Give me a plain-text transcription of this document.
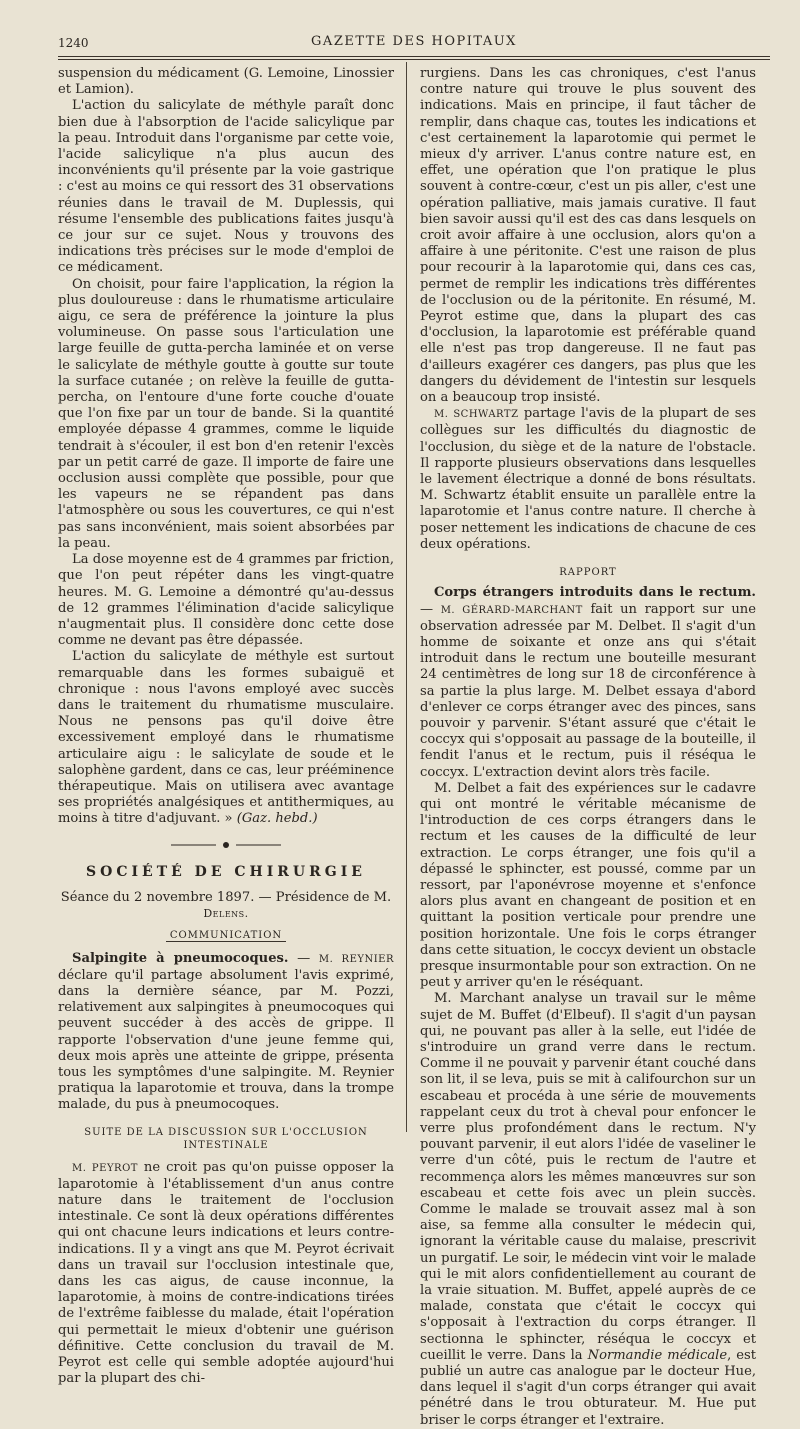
1240	GAZETTE DES HOPITAUX

suspension du médicament (G. Lemoine, Linossier et Lamion).

L'action du salicylate de méthyle paraît donc bien due à l'absorption de l'acide salicylique par la peau. Introduit dans l'organisme par cette voie, l'acide salicylique n'a plus aucun des inconvénients qu'il présente par la voie gastrique : c'est au moins ce qui ressort des 31 observations réunies dans le travail de M. Duplessis, qui résume l'ensemble des publications faites jusqu'à ce jour sur ce sujet. Nous y trouvons des indications très précises sur le mode d'emploi de ce médicament.

On choisit, pour faire l'application, la région la plus douloureuse : dans le rhumatisme articulaire aigu, ce sera de préférence la jointure la plus volumineuse. On passe sous l'articulation une large feuille de gutta-percha laminée et on verse le salicylate de méthyle goutte à goutte sur toute la surface cutanée ; on relève la feuille de gutta-percha, on l'entoure d'une forte couche d'ouate que l'on fixe par un tour de bande. Si la quantité employée dépasse 4 grammes, comme le liquide tendrait à s'écouler, il est bon d'en retenir l'excès par un petit carré de gaze. Il importe de faire une occlusion aussi complète que possible, pour que les vapeurs ne se répandent pas dans l'atmosphère ou sous les couvertures, ce qui n'est pas sans inconvénient, mais soient absorbées par la peau.

La dose moyenne est de 4 grammes par friction, que l'on peut répéter dans les vingt-quatre heures. M. G. Lemoine a démontré qu'au-dessus de 12 grammes l'élimination d'acide salicylique n'augmentait plus. Il considère donc cette dose comme ne devant pas être dépassée.

L'action du salicylate de méthyle est surtout remarquable dans les formes subaiguë et chronique : nous l'avons employé avec succès dans le traitement du rhumatisme musculaire. Nous ne pensons pas qu'il doive être excessivement employé dans le rhumatisme articulaire aigu : le salicylate de soude et le salophène gardent, dans ce cas, leur prééminence thérapeutique. Mais on utilisera avec avantage ses propriétés analgésiques et antithermiques, au moins à titre d'adjuvant. » (Gaz. hebd.)

SOCIÉTÉ DE CHIRURGIE
Séance du 2 novembre 1897. — Présidence de M. Delens.
COMMUNICATION

Salpingite à pneumocoques. — M. REYNIER déclare qu'il partage absolument l'avis exprimé, dans la dernière séance, par M. Pozzi, relativement aux salpingites à pneumocoques qui peuvent succéder à des accès de grippe. Il rapporte l'observation d'une jeune femme qui, deux mois après une atteinte de grippe, présenta tous les symptômes d'une salpingite. M. Reynier pratiqua la laparotomie et trouva, dans la trompe malade, du pus à pneumocoques.

SUITE DE LA DISCUSSION SUR L'OCCLUSION
INTESTINALE

M. PEYROT ne croit pas qu'on puisse opposer la laparotomie à l'établissement d'un anus contre nature dans le traitement de l'occlusion intestinale. Ce sont là deux opérations différentes qui ont chacune leurs indications et leurs contre-indications. Il y a vingt ans que M. Peyrot écrivait dans un travail sur l'occlusion intestinale que, dans les cas aigus, de cause inconnue, la laparotomie, à moins de contre-indications tirées de l'extrême faiblesse du malade, était l'opération qui permettait le mieux d'obtenir une guérison définitive. Cette conclusion du travail de M. Peyrot est celle qui semble adoptée aujourd'hui par la plupart des chi-

rurgiens. Dans les cas chroniques, c'est l'anus contre nature qui trouve le plus souvent des indications. Mais en principe, il faut tâcher de remplir, dans chaque cas, toutes les indications et c'est certainement la laparotomie qui permet le mieux d'y arriver. L'anus contre nature est, en effet, une opération que l'on pratique le plus souvent à contre-cœur, c'est un pis aller, c'est une opération palliative, mais jamais curative. Il faut bien savoir aussi qu'il est des cas dans lesquels on croit avoir affaire à une occlusion, alors qu'on a affaire à une péritonite. C'est une raison de plus pour recourir à la laparotomie qui, dans ces cas, permet de remplir les indications très différentes de l'occlusion ou de la péritonite. En résumé, M. Peyrot estime que, dans la plupart des cas d'occlusion, la laparotomie est préférable quand elle n'est pas trop dangereuse. Il ne faut pas d'ailleurs exagérer ces dangers, pas plus que les dangers du dévidement de l'intestin sur lesquels on a beaucoup trop insisté.

M. SCHWARTZ partage l'avis de la plupart de ses collègues sur les difficultés du diagnostic de l'occlusion, du siège et de la nature de l'obstacle. Il rapporte plusieurs observations dans lesquelles le lavement électrique a donné de bons résultats. M. Schwartz établit ensuite un parallèle entre la laparotomie et l'anus contre nature. Il cherche à poser nettement les indications de chacune de ces deux opérations.

RAPPORT

Corps étrangers introduits dans le rectum. — M. GÉRARD-MARCHANT fait un rapport sur une observation adressée par M. Delbet. Il s'agit d'un homme de soixante et onze ans qui s'était introduit dans le rectum une bouteille mesurant 24 centimètres de long sur 18 de circonférence à sa partie la plus large. M. Delbet essaya d'abord d'enlever ce corps étranger avec des pinces, sans pouvoir y parvenir. S'étant assuré que c'était le coccyx qui s'opposait au passage de la bouteille, il fendit l'anus et le rectum, puis il réséqua le coccyx. L'extraction devint alors très facile.

M. Delbet a fait des expériences sur le cadavre qui ont montré le véritable mécanisme de l'introduction de ces corps étrangers dans le rectum et les causes de la difficulté de leur extraction. Le corps étranger, une fois qu'il a dépassé le sphincter, est poussé, comme par un ressort, par l'aponévrose moyenne et s'enfonce alors plus avant en changeant de position et en quittant la position verticale pour prendre une position horizontale. Une fois le corps étranger dans cette situation, le coccyx devient un obstacle presque insurmontable pour son extraction. On ne peut y arriver qu'en le réséquant.

M. Marchant analyse un travail sur le même sujet de M. Buffet (d'Elbeuf). Il s'agit d'un paysan qui, ne pouvant pas aller à la selle, eut l'idée de s'introduire un grand verre dans le rectum. Comme il ne pouvait y parvenir étant couché dans son lit, il se leva, puis se mit à califourchon sur un escabeau et procéda à une série de mouvements rappelant ceux du trot à cheval pour enfoncer le verre plus profondément dans le rectum. N'y pouvant parvenir, il eut alors l'idée de vaseliner le verre d'un côté, puis le rectum de l'autre et recommença alors les mêmes manœuvres sur son escabeau et cette fois avec un plein succès. Comme le malade se trouvait assez mal à son aise, sa femme alla consulter le médecin qui, ignorant la véritable cause du malaise, prescrivit un purgatif. Le soir, le médecin vint voir le malade qui le mit alors confidentiellement au courant de la vraie situation. M. Buffet, appelé auprès de ce malade, constata que c'était le coccyx qui s'opposait à l'extraction du corps étranger. Il sectionna le sphincter, réséqua le coccyx et cueillit le verre. Dans la Normandie médicale, est publié un autre cas analogue par le docteur Hue, dans lequel il s'agit d'un corps étranger qui avait pénétré dans le trou obturateur. M. Hue put briser le corps étranger et l'extraire.
